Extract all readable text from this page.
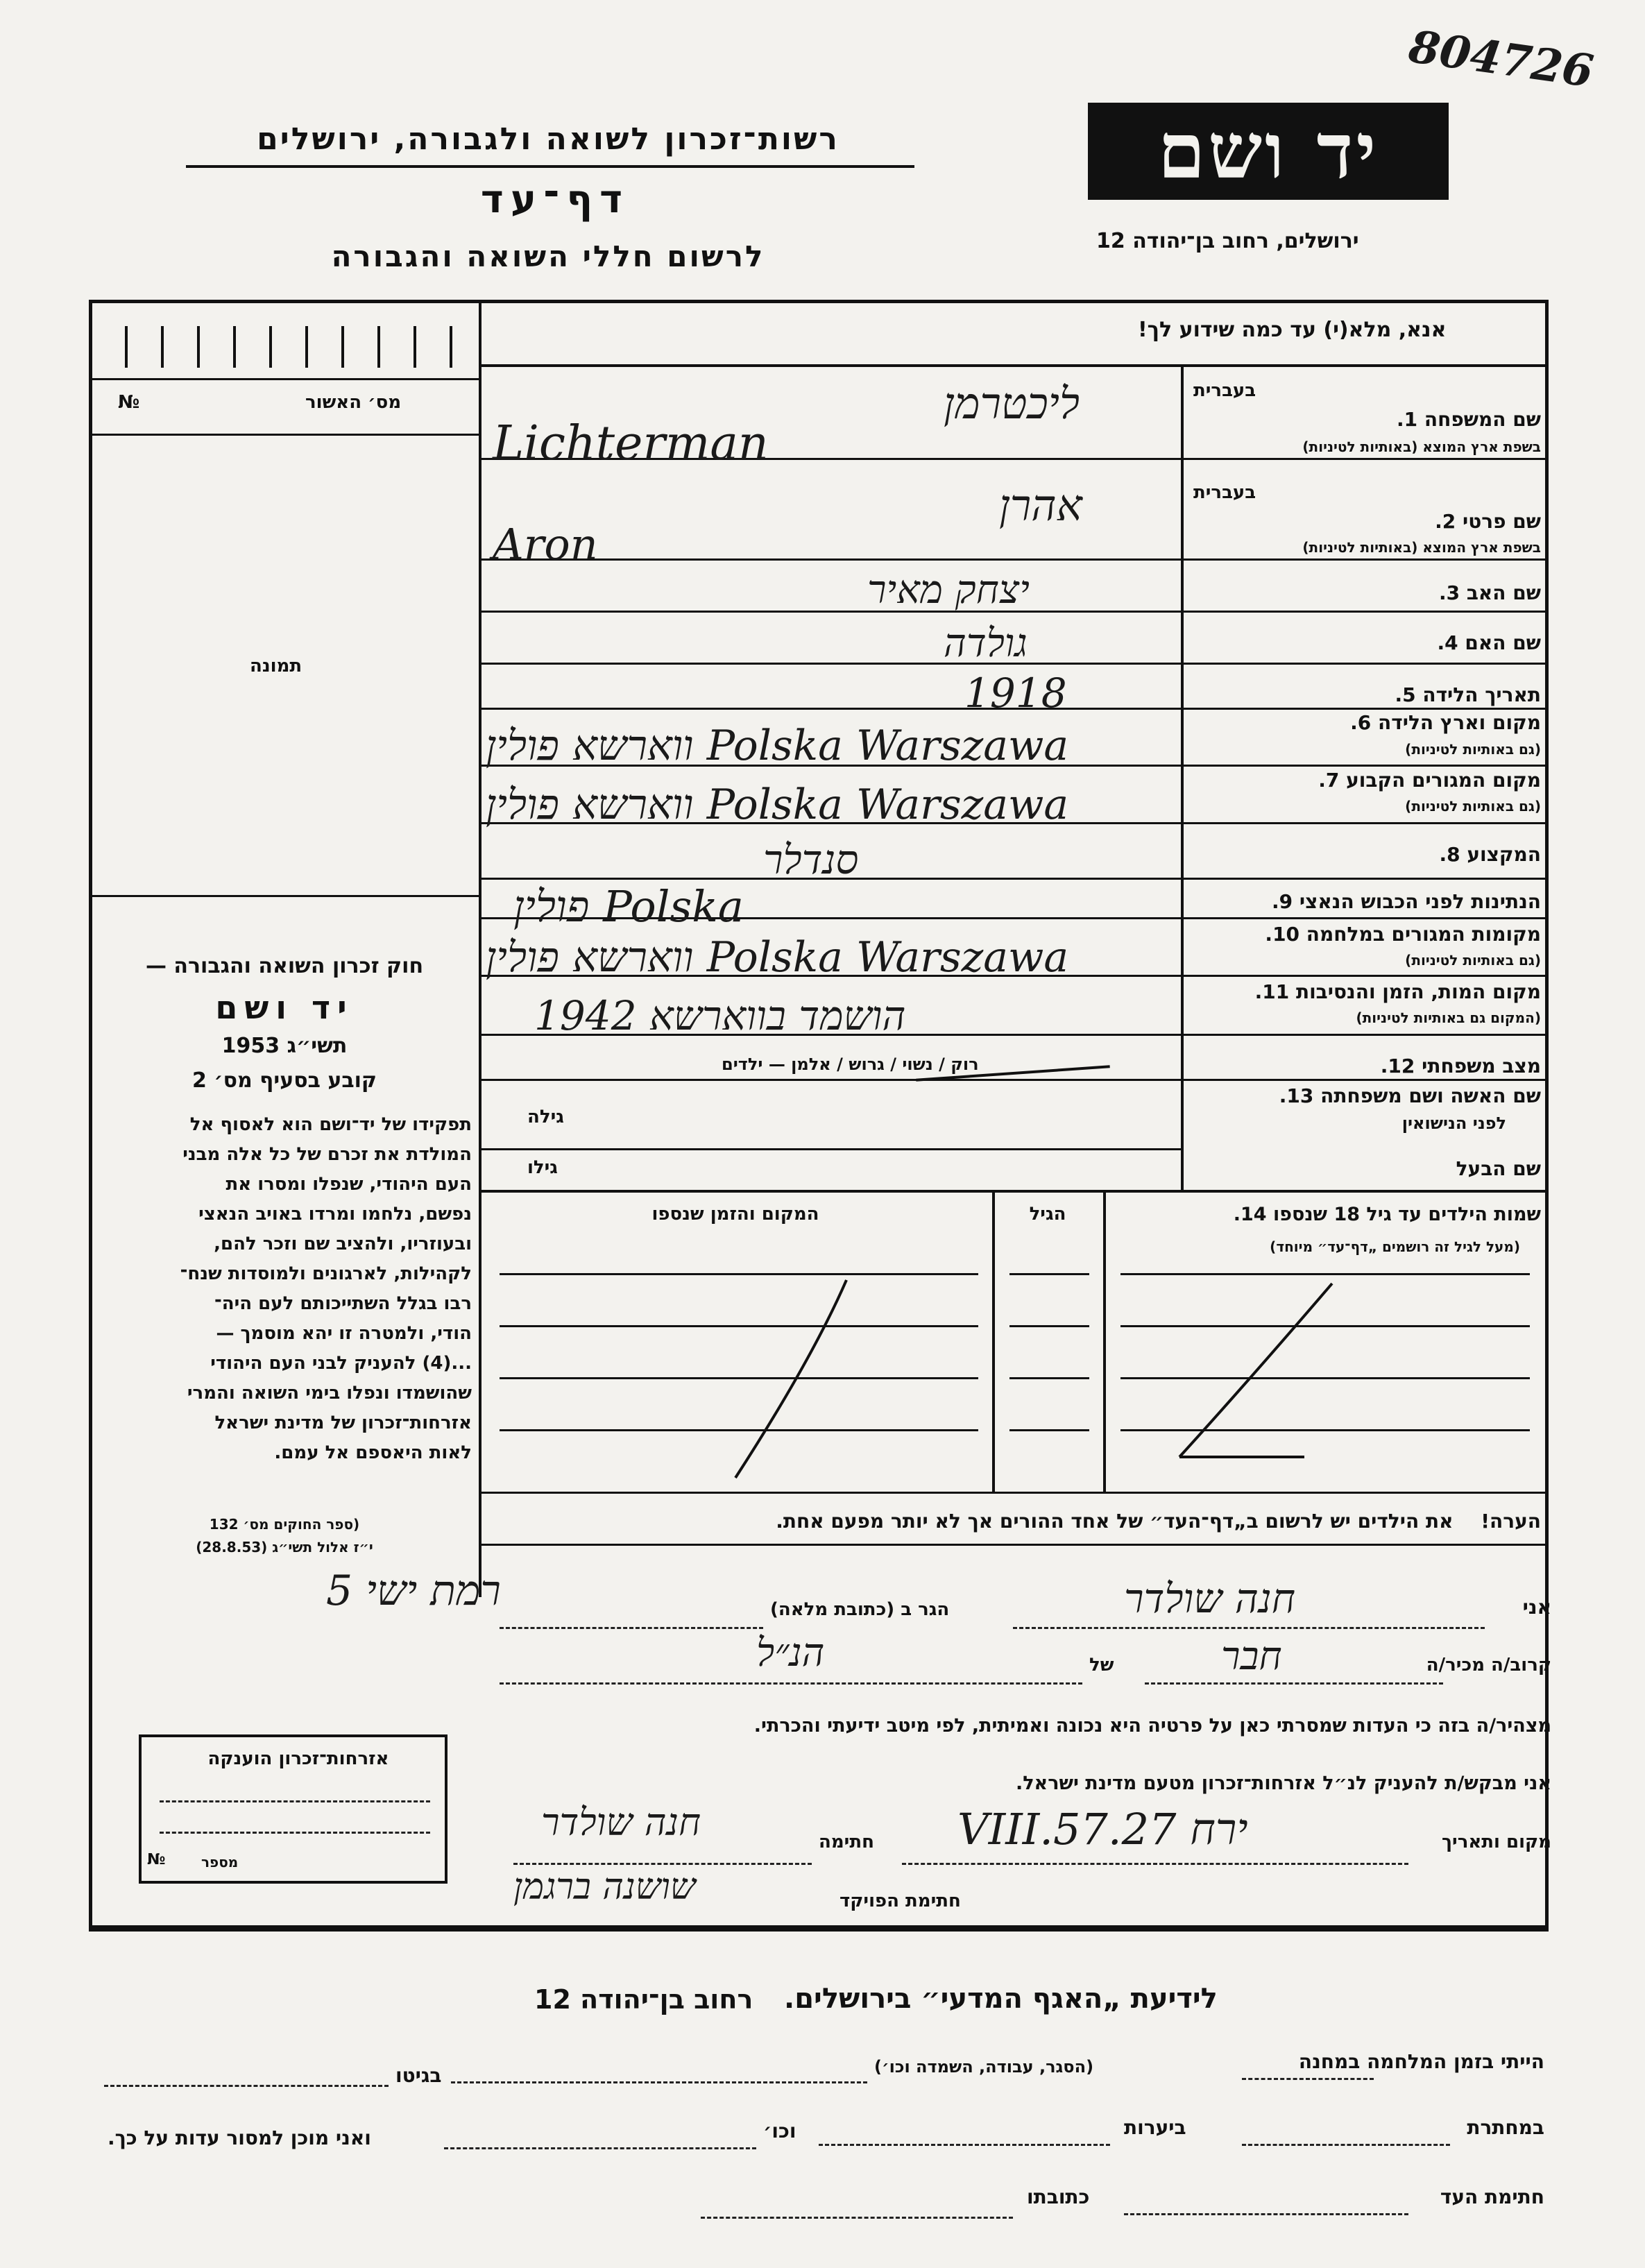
804726
יד ושם
ירושלים, רחוב בן־יהודה 12
רשות־זכרון לשואה ולגבורה, ירושלים
דף־עד
לרשום חללי השואה והגבורה
מס׳ האשור
№
תמונה
חוק זכרון השואה והגבורה —
יד ושם
תשי״ג 1953
קובע בסעיף מס׳ 2
תפקידו של יד־ושם הוא לאסוף אל
המולדת את זכרם של כל אלה מבני
העם היהודי, שנפלו ומסרו את
נפשם, נלחמו ומרדו באויב הנאצי
ובעוזריו, ולהציב שם וזכר להם,
לקהילות, לארגונים ולמוסדות שנח־
רבו בגלל השתייכותם לעם היה־
הודי, ולמטרה זו יהא מוסמך —
...(4) להעניק לבני העם היהודי
שהושמדו ונפלו בימי השואה והמרי
אזרחות־זכרון של מדינת ישראל
לאות היאספם אל עמם.
(ספר החוקים מס׳ 132
י״ז אלול תשי״ג (28.8.53)
אזרחות־זכרון הוענקה
מספר
№
אנא, מלא(י) עד כמה שידוע לך!
בעברית
שם המשפחה 1.
בשפת ארץ המוצא (באותיות לטיניות)
בעברית
שם פרטי 2.
בשפת ארץ המוצא (באותיות לטיניות)
שם האב 3.
שם האם 4.
תאריך הלידה 5.
מקום וארץ הלידה 6.
(גם באותיות לטיניות)
מקום המגורים הקבוע 7.
(גם באותיות לטיניות)
המקצוע 8.
הנתינות לפני הכבוש הנאצי 9.
מקומות המגורים במלחמה 10.
(גם באותיות לטיניות)
מקום המות, הזמן והנסיבות 11.
(המקום גם באותיות לטיניות)
מצב משפחתי 12.
שם האשה ושם משפחתה 13.
לפני הנישואין
שם הבעל
ליכטרמן
Lichterman
אהרן
Aron
יצחק מאיר
גולדה
1918
Polska Warszawa ווארשא פולין
Polska Warszawa ווארשא פולין
סנדלר
Polska פולין
Polska Warszawa ווארשא פולין
הושמד בווארשא 1942
רוק / נשוי / גרוש / אלמן — ילדים
גילה
גילו
שמות הילדים עד גיל 18 שנספו 14.
(מעל לגיל זה רושמים „דף־עד״ מיוחד)
הגיל
המקום והזמן שנספו
הערה! את הילדים יש לרשום ב„דף־העד״ של אחד ההורים אך לא יותר מפעם אחת.
אני
חנה שולדר
הגר ב (כתובת מלאה)
רמת ישי 5
קרוב/ה מכיר/ה
חבר
של
הנ״ל
מצהיר/ה בזה כי העדות שמסרתי כאן על פרטיה היא נכונה ואמיתית, לפי מיטב ידיעתי והכרתי.
אני מבקש/ת להעניק לנ״ל אזרחות־זכרון מטעם מדינת ישראל.
מקום ותאריך
ירח 27.VIII.57
חתימה
חנה שולדר
חתימת הפויקד
שושנה ברגמן
רחוב בן־יהודה 12 לידיעת „האגף המדעי״ בירושלים.
הייתי בזמן המלחמה במחנה
(הסגר, עבודה, השמדה וכו׳)
בגיטו
במחתרת
ביערות
וכו׳
ואני מוכן למסור עדות על כך.
חתימת העד
כתובתו
